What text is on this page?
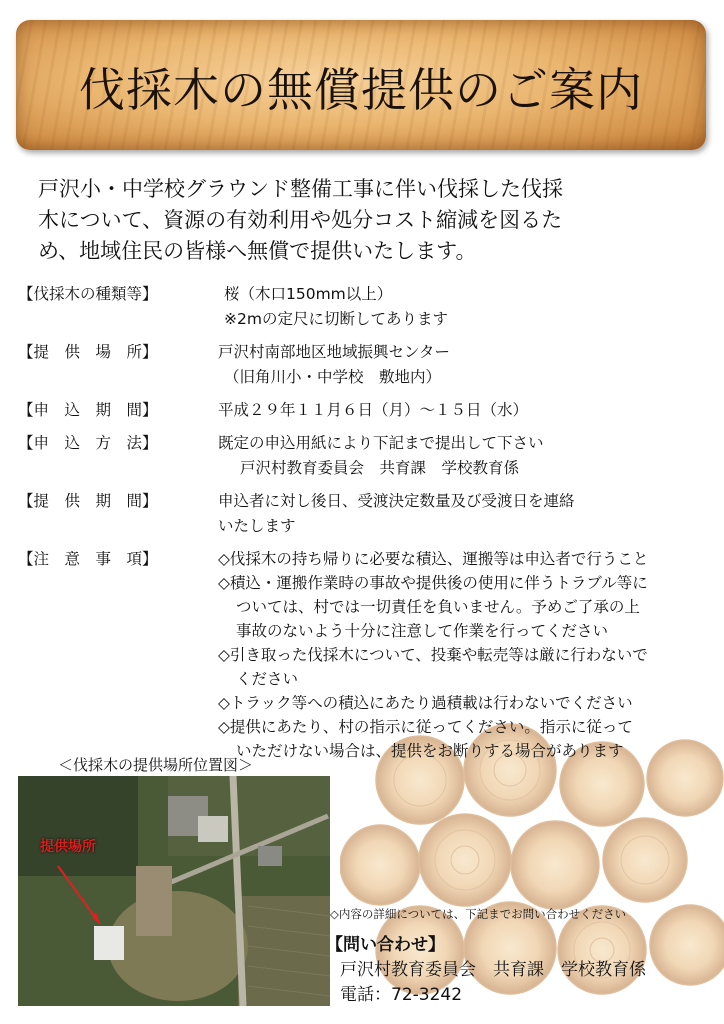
伐採木の無償提供のご案内
戸沢小・中学校グラウンド整備工事に伴い伐採した伐採
木について、資源の有効利用や処分コスト縮減を図るた
め、地域住民の皆様へ無償で提供いたします。
【伐採木の種類等】	桜（木口150mm以上）
※2mの定尺に切断してあります
【提　供　場　所】	戸沢村南部地区地域振興センター
（旧角川小・中学校　敷地内）
【申　込　期　間】	平成２９年１１月６日（月）～１５日（水）
【申　込　方　法】	既定の申込用紙により下記まで提出して下さい
戸沢村教育委員会　共育課　学校教育係
【提　供　期　間】	申込者に対し後日、受渡決定数量及び受渡日を連絡
いたします
【注　意　事　項】	◇伐採木の持ち帰りに必要な積込、運搬等は申込者で行うこと
◇積込・運搬作業時の事故や提供後の使用に伴うトラブル等に
ついては、村では一切責任を負いません。予めご了承の上
事故のないよう十分に注意して作業を行ってください
◇引き取った伐採木について、投棄や転売等は厳に行わないで
ください
◇トラック等への積込にあたり過積載は行わないでください
◇提供にあたり、村の指示に従ってください。指示に従って
いただけない場合は、提供をお断りする場合があります
＜伐採木の提供場所位置図＞
提供場所
◇内容の詳細については、下記までお問い合わせください
【問い合わせ】
戸沢村教育委員会　共育課　学校教育係
電話：72-3242
